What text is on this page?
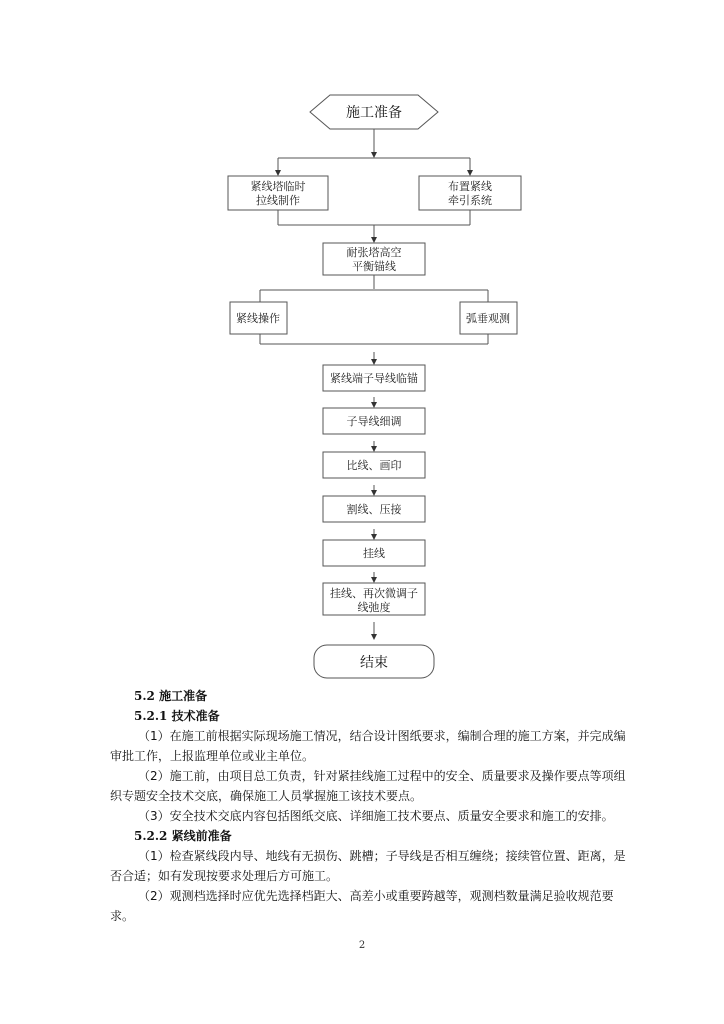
施工准备
紧线塔临时
拉线制作
布置紧线
牵引系统
耐张塔高空
平衡锚线
紧线操作	弧垂观测
紧线端子导线临锚
子导线细调
比线、画印
割线、压接
挂线
挂线、再次微调子
线弛度
结束

5.2 施工准备

5.2.1 技术准备

（1）在施工前根据实际现场施工情况，结合设计图纸要求，编制合理的施工方案，并完成编审批工作，上报监理单位或业主单位。

（2）施工前，由项目总工负责，针对紧挂线施工过程中的安全、质量要求及操作要点等项组织专题安全技术交底，确保施工人员掌握施工该技术要点。

（3）安全技术交底内容包括图纸交底、详细施工技术要点、质量安全要求和施工的安排。

5.2.2 紧线前准备

（1）检查紧线段内导、地线有无损伤、跳槽；子导线是否相互缠绕；接续管位置、距离，是否合适；如有发现按要求处理后方可施工。

（2）观测档选择时应优先选择档距大、高差小或重要跨越等，观测档数量满足验收规范要求。

2
